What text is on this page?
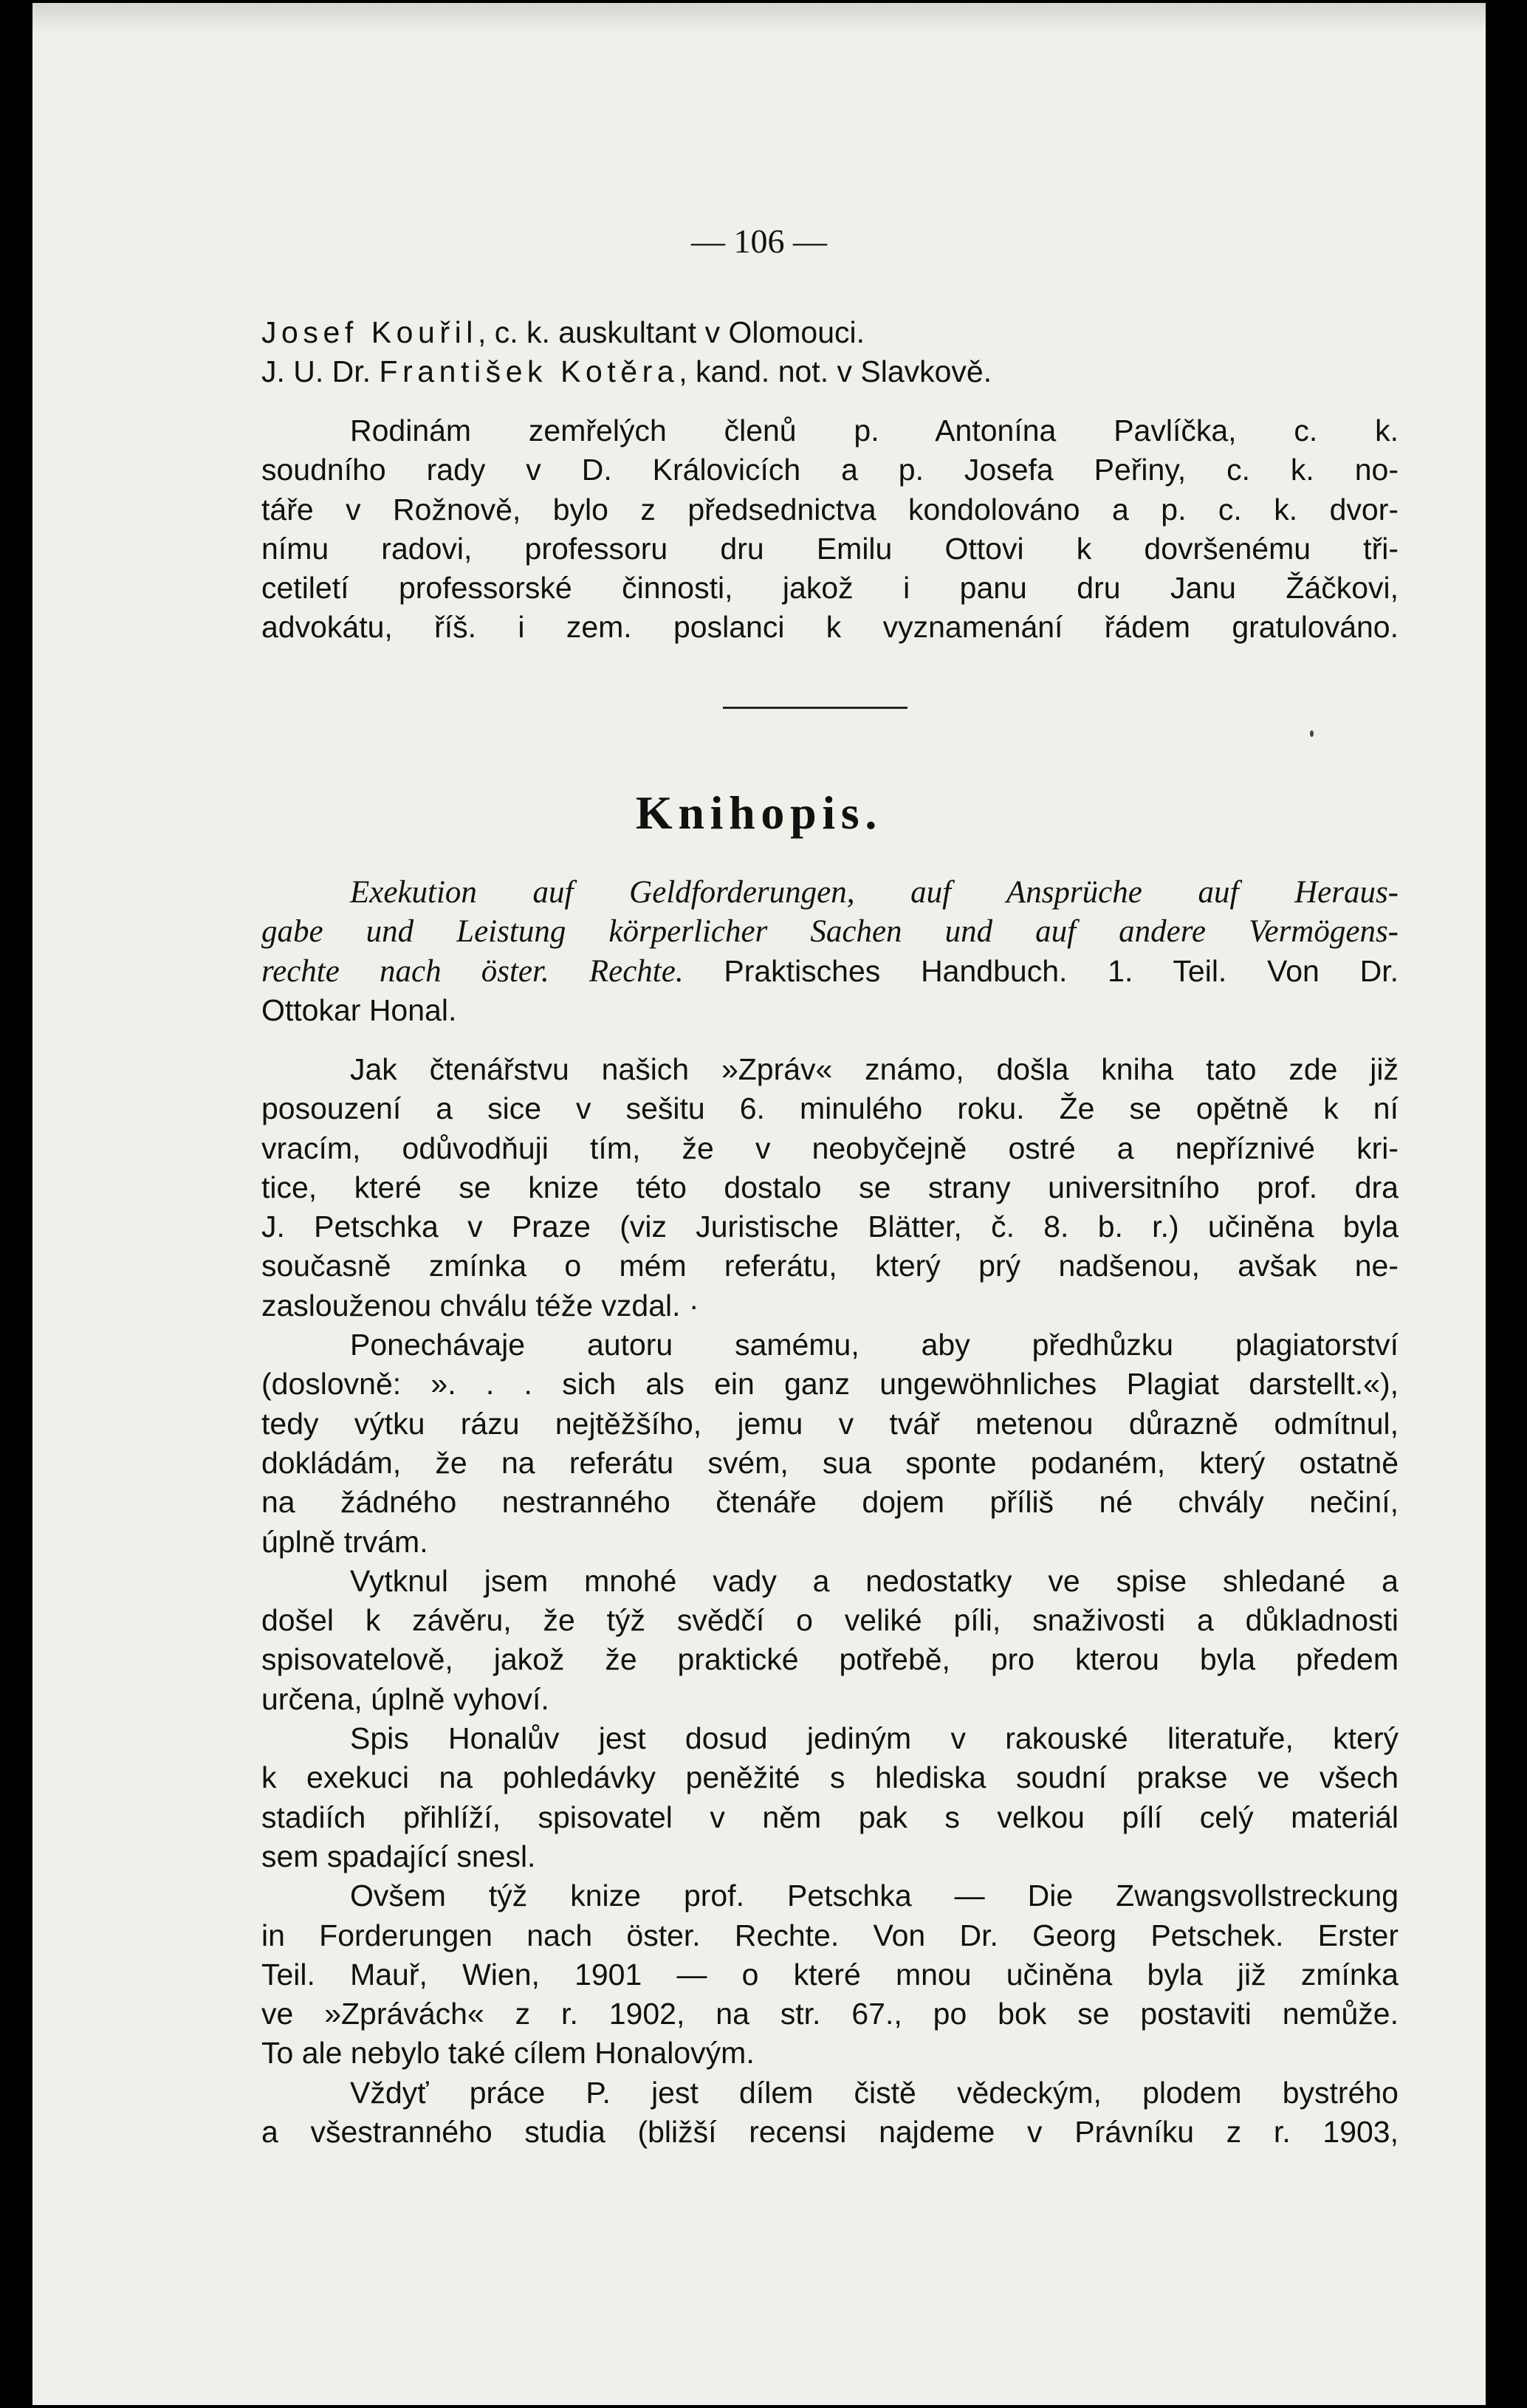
— 106 —
Josef Kouřil, c. k. auskultant v Olomouci.
J. U. Dr. František Kotěra, kand. not. v Slavkově.
Rodinám zemřelých členů p. Antonína Pavlíčka, c. k.
soudního rady v D. Královicích a p. Josefa Peřiny, c. k. no-
táře v Rožnově, bylo z předsednictva kondolováno a p. c. k. dvor-
nímu radovi, professoru dru Emilu Ottovi k dovršenému tři-
cetiletí professorské činnosti, jakož i panu dru Janu Žáčkovi,
advokátu, říš. i zem. poslanci k vyznamenání řádem gratulováno.
Knihopis.
Exekution auf Geldforderungen, auf Ansprüche auf Heraus-
gabe und Leistung körperlicher Sachen und auf andere Vermögens-
rechte nach öster. Rechte. Praktisches Handbuch. 1. Teil. Von Dr.
Ottokar Honal.
Jak čtenářstvu našich »Zpráv« známo, došla kniha tato zde již
posouzení a sice v sešitu 6. minulého roku. Že se opětně k ní
vracím, odůvodňuji tím, že v neobyčejně ostré a nepříznivé kri-
tice, které se knize této dostalo se strany universitního prof. dra
J. Petschka v Praze (viz Juristische Blätter, č. 8. b. r.) učiněna byla
současně zmínka o mém referátu, který prý nadšenou, avšak ne-
zaslouženou chválu téže vzdal. ·
Ponechávaje autoru samému, aby předhůzku plagiatorství
(doslovně: ». . . sich als ein ganz ungewöhnliches Plagiat darstellt.«),
tedy výtku rázu nejtěžšího, jemu v tvář metenou důrazně odmítnul,
dokládám, že na referátu svém, sua sponte podaném, který ostatně
na žádného nestranného čtenáře dojem příliš né chvály nečiní,
úplně trvám.
Vytknul jsem mnohé vady a nedostatky ve spise shledané a
došel k závěru, že týž svědčí o veliké píli, snaživosti a důkladnosti
spisovatelově, jakož že praktické potřebě, pro kterou byla předem
určena, úplně vyhoví.
Spis Honalův jest dosud jediným v rakouské literatuře, který
k exekuci na pohledávky peněžité s hlediska soudní prakse ve všech
stadiích přihlíží, spisovatel v něm pak s velkou pílí celý materiál
sem spadající snesl.
Ovšem týž knize prof. Petschka — Die Zwangsvollstreckung
in Forderungen nach öster. Rechte. Von Dr. Georg Petschek. Erster
Teil. Mauř, Wien, 1901 — o které mnou učiněna byla již zmínka
ve »Zprávách« z r. 1902, na str. 67., po bok se postaviti nemůže.
To ale nebylo také cílem Honalovým.
Vždyť práce P. jest dílem čistě vědeckým, plodem bystrého
a všestranného studia (bližší recensi najdeme v Právníku z r. 1903,
